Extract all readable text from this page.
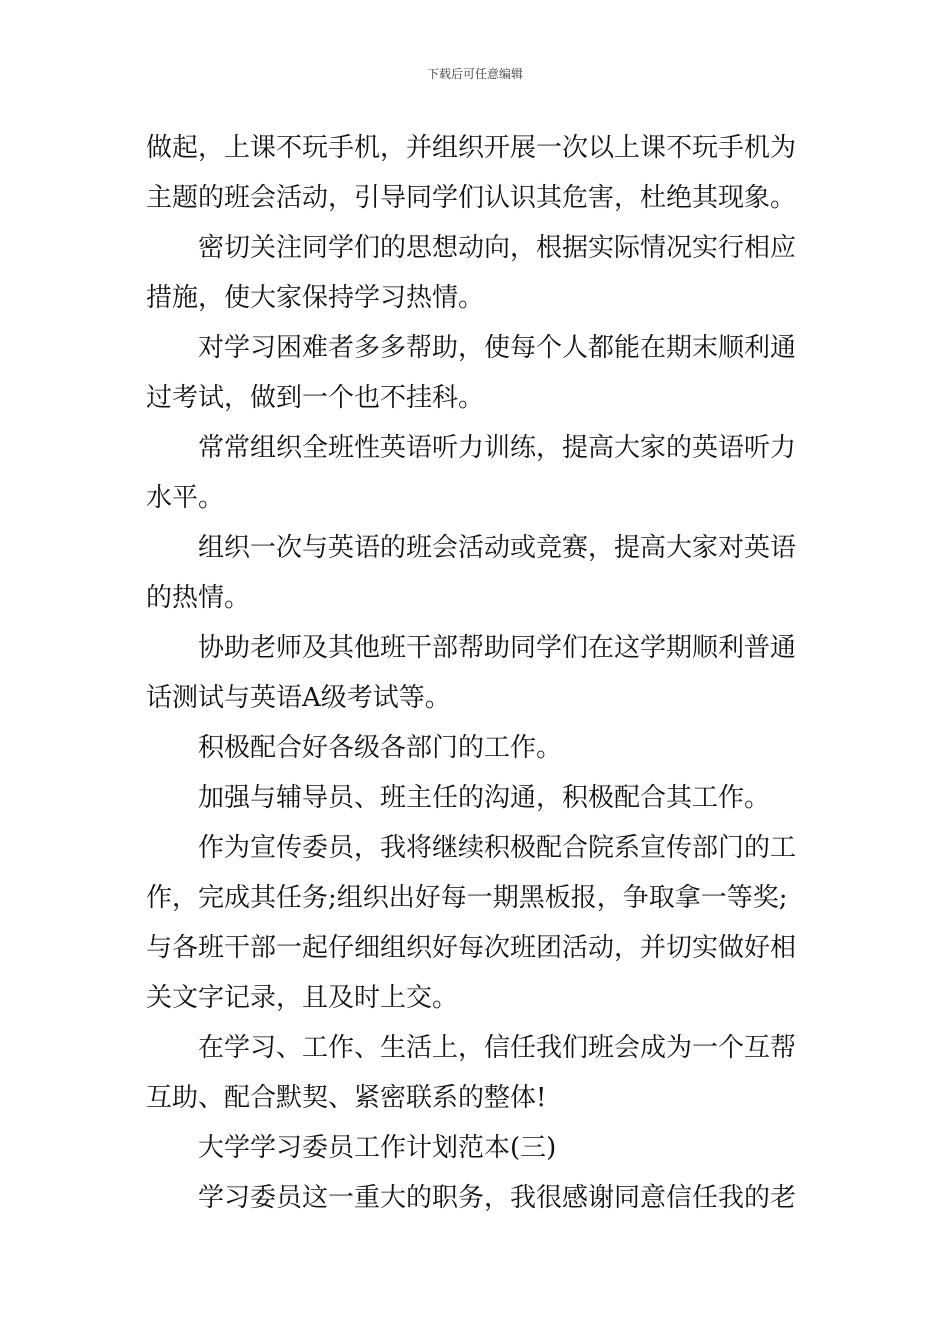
下载后可任意编辑
做起，上课不玩手机，并组织开展一次以上课不玩手机为
主题的班会活动，引导同学们认识其危害，杜绝其现象。
密切关注同学们的思想动向，根据实际情况实行相应
措施，使大家保持学习热情。
对学习困难者多多帮助，使每个人都能在期末顺利通
过考试，做到一个也不挂科。
常常组织全班性英语听力训练，提高大家的英语听力
水平。
组织一次与英语的班会活动或竞赛，提高大家对英语
的热情。
协助老师及其他班干部帮助同学们在这学期顺利普通
话测试与英语A级考试等。
积极配合好各级各部门的工作。
加强与辅导员、班主任的沟通，积极配合其工作。
作为宣传委员，我将继续积极配合院系宣传部门的工
作，完成其任务;组织出好每一期黑板报，争取拿一等奖;
与各班干部一起仔细组织好每次班团活动，并切实做好相
关文字记录，且及时上交。
在学习、工作、生活上，信任我们班会成为一个互帮
互助、配合默契、紧密联系的整体!
大学学习委员工作计划范本(三)
学习委员这一重大的职务，我很感谢同意信任我的老
